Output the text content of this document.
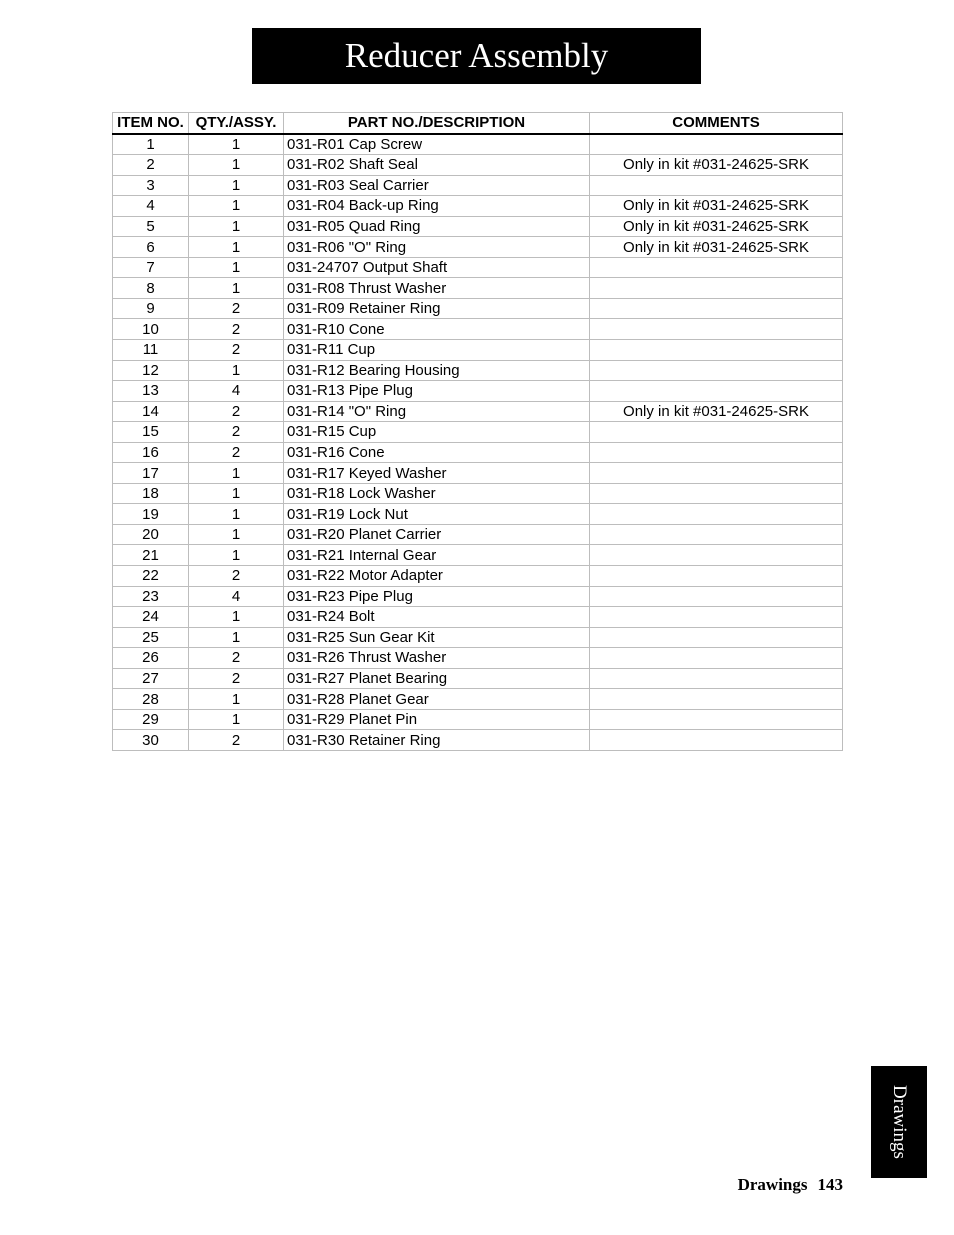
Reducer Assembly
ITEM NO.	QTY./ASSY.	PART NO./DESCRIPTION	COMMENTS
1	1	031-R01 Cap Screw	
2	1	031-R02 Shaft Seal	Only in kit #031-24625-SRK
3	1	031-R03 Seal Carrier	
4	1	031-R04 Back-up Ring	Only in kit #031-24625-SRK
5	1	031-R05 Quad Ring	Only in kit #031-24625-SRK
6	1	031-R06 "O" Ring	Only in kit #031-24625-SRK
7	1	031-24707 Output Shaft	
8	1	031-R08 Thrust Washer	
9	2	031-R09 Retainer Ring	
10	2	031-R10 Cone	
11	2	031-R11 Cup	
12	1	031-R12 Bearing Housing	
13	4	031-R13 Pipe Plug	
14	2	031-R14 "O" Ring	Only in kit #031-24625-SRK
15	2	031-R15 Cup	
16	2	031-R16 Cone	
17	1	031-R17 Keyed Washer	
18	1	031-R18 Lock Washer	
19	1	031-R19 Lock Nut	
20	1	031-R20 Planet Carrier	
21	1	031-R21 Internal Gear	
22	2	031-R22 Motor Adapter	
23	4	031-R23 Pipe Plug	
24	1	031-R24 Bolt	
25	1	031-R25 Sun Gear Kit	
26	2	031-R26 Thrust Washer	
27	2	031-R27 Planet Bearing	
28	1	031-R28 Planet Gear	
29	1	031-R29 Planet Pin	
30	2	031-R30 Retainer Ring	
Drawings
Drawings 143
